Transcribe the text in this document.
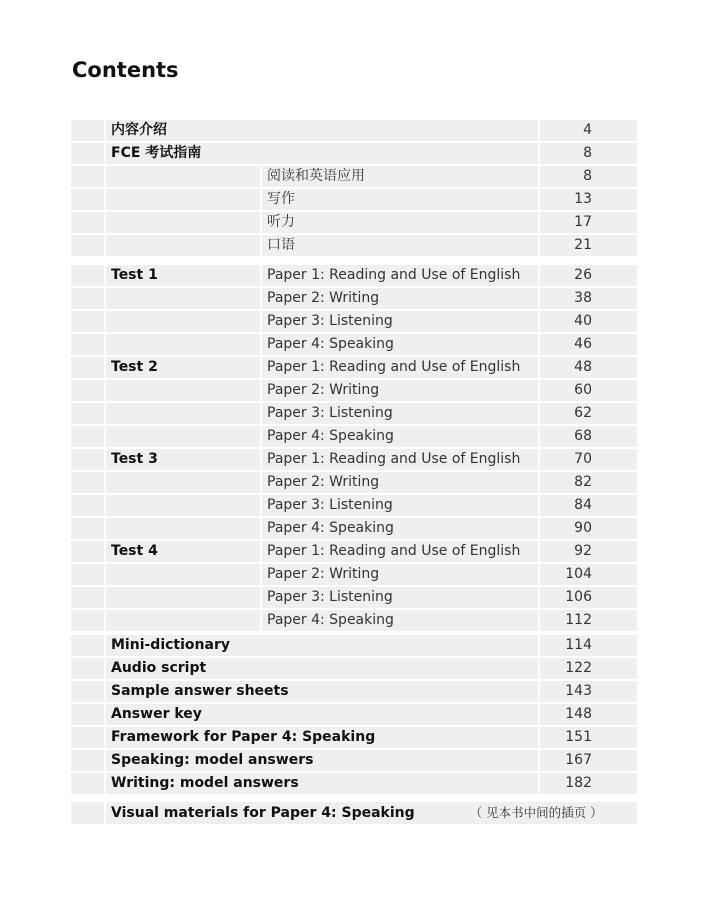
Contents
	内容介绍		4
	FCE 考试指南		8
		阅读和英语应用	8
		写作	13
		听力	17
		口语	21
	Test 1	Paper 1: Reading and Use of English	26
		Paper 2: Writing	38
		Paper 3: Listening	40
		Paper 4: Speaking	46
	Test 2	Paper 1: Reading and Use of English	48
		Paper 2: Writing	60
		Paper 3: Listening	62
		Paper 4: Speaking	68
	Test 3	Paper 1: Reading and Use of English	70
		Paper 2: Writing	82
		Paper 3: Listening	84
		Paper 4: Speaking	90
	Test 4	Paper 1: Reading and Use of English	92
		Paper 2: Writing	104
		Paper 3: Listening	106
		Paper 4: Speaking	112
	Mini-dictionary	114
	Audio script	122
	Sample answer sheets	143
	Answer key	148
	Framework for Paper 4: Speaking	151
	Speaking: model answers	167
	Writing: model answers	182
	Visual materials for Paper 4: Speaking	（ 见本书中间的插页 ）
